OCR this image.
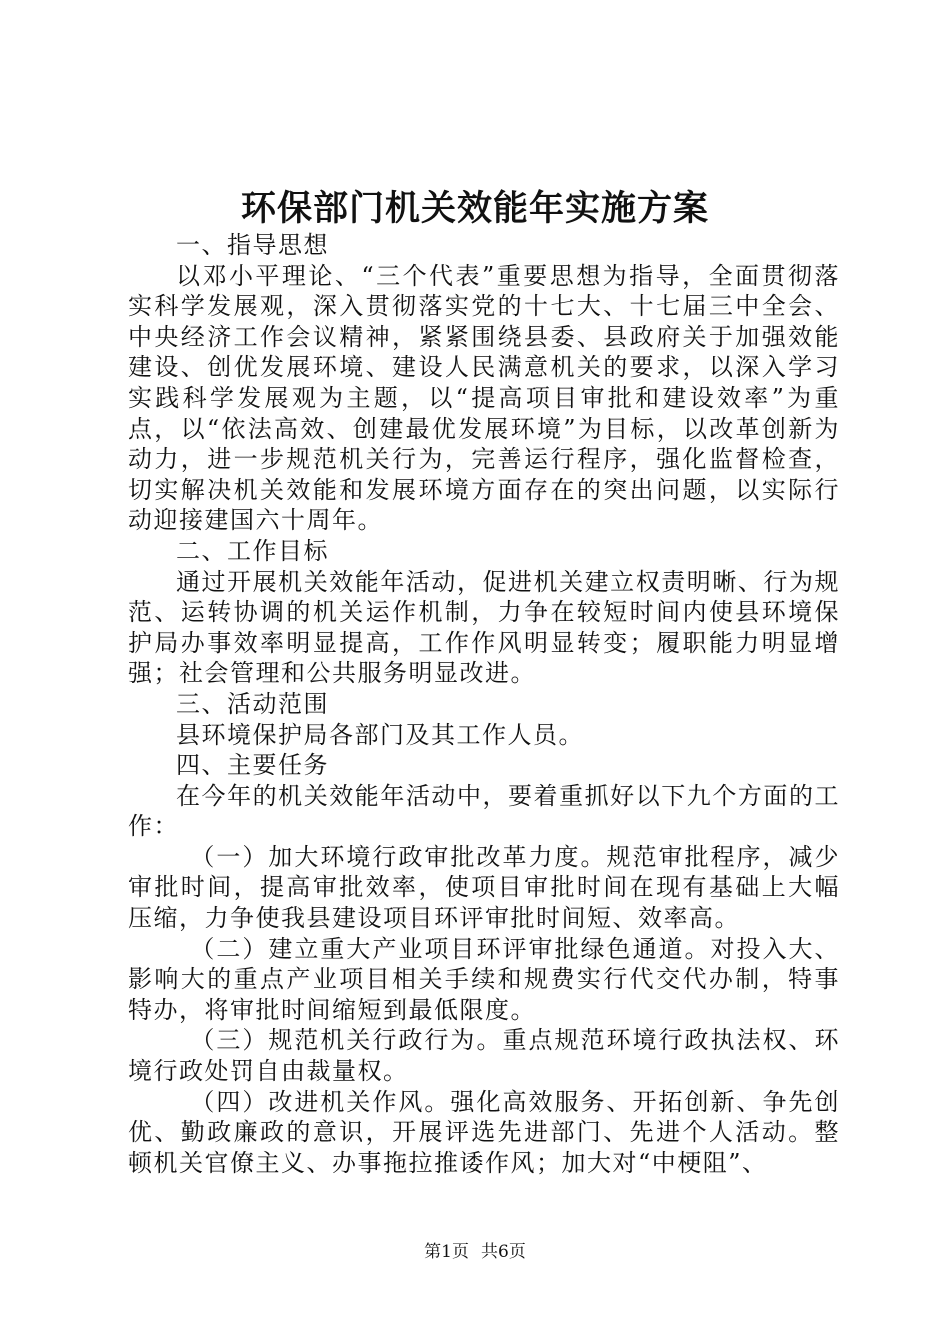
环保部门机关效能年实施方案

一、指导思想

以邓小平理论、“三个代表”重要思想为指导，全面贯彻落实科学发展观，深入贯彻落实党的十七大、十七届三中全会、中央经济工作会议精神，紧紧围绕县委、县政府关于加强效能建设、创优发展环境、建设人民满意机关的要求，以深入学习实践科学发展观为主题，以“提高项目审批和建设效率”为重点，以“依法高效、创建最优发展环境”为目标，以改革创新为动力，进一步规范机关行为，完善运行程序，强化监督检查，切实解决机关效能和发展环境方面存在的突出问题，以实际行动迎接建国六十周年。

二、工作目标

通过开展机关效能年活动，促进机关建立权责明晰、行为规范、运转协调的机关运作机制，力争在较短时间内使县环境保护局办事效率明显提高，工作作风明显转变；履职能力明显增强；社会管理和公共服务明显改进。

三、活动范围

县环境保护局各部门及其工作人员。

四、主要任务

在今年的机关效能年活动中，要着重抓好以下九个方面的工作：

（一）加大环境行政审批改革力度。规范审批程序，减少审批时间，提高审批效率，使项目审批时间在现有基础上大幅压缩，力争使我县建设项目环评审批时间短、效率高。

（二）建立重大产业项目环评审批绿色通道。对投入大、影响大的重点产业项目相关手续和规费实行代交代办制，特事特办，将审批时间缩短到最低限度。

（三）规范机关行政行为。重点规范环境行政执法权、环境行政处罚自由裁量权。

（四）改进机关作风。强化高效服务、开拓创新、争先创优、勤政廉政的意识，开展评选先进部门、先进个人活动。整顿机关官僚主义、办事拖拉推诿作风；加大对“中梗阻”、

第1页 共6页
